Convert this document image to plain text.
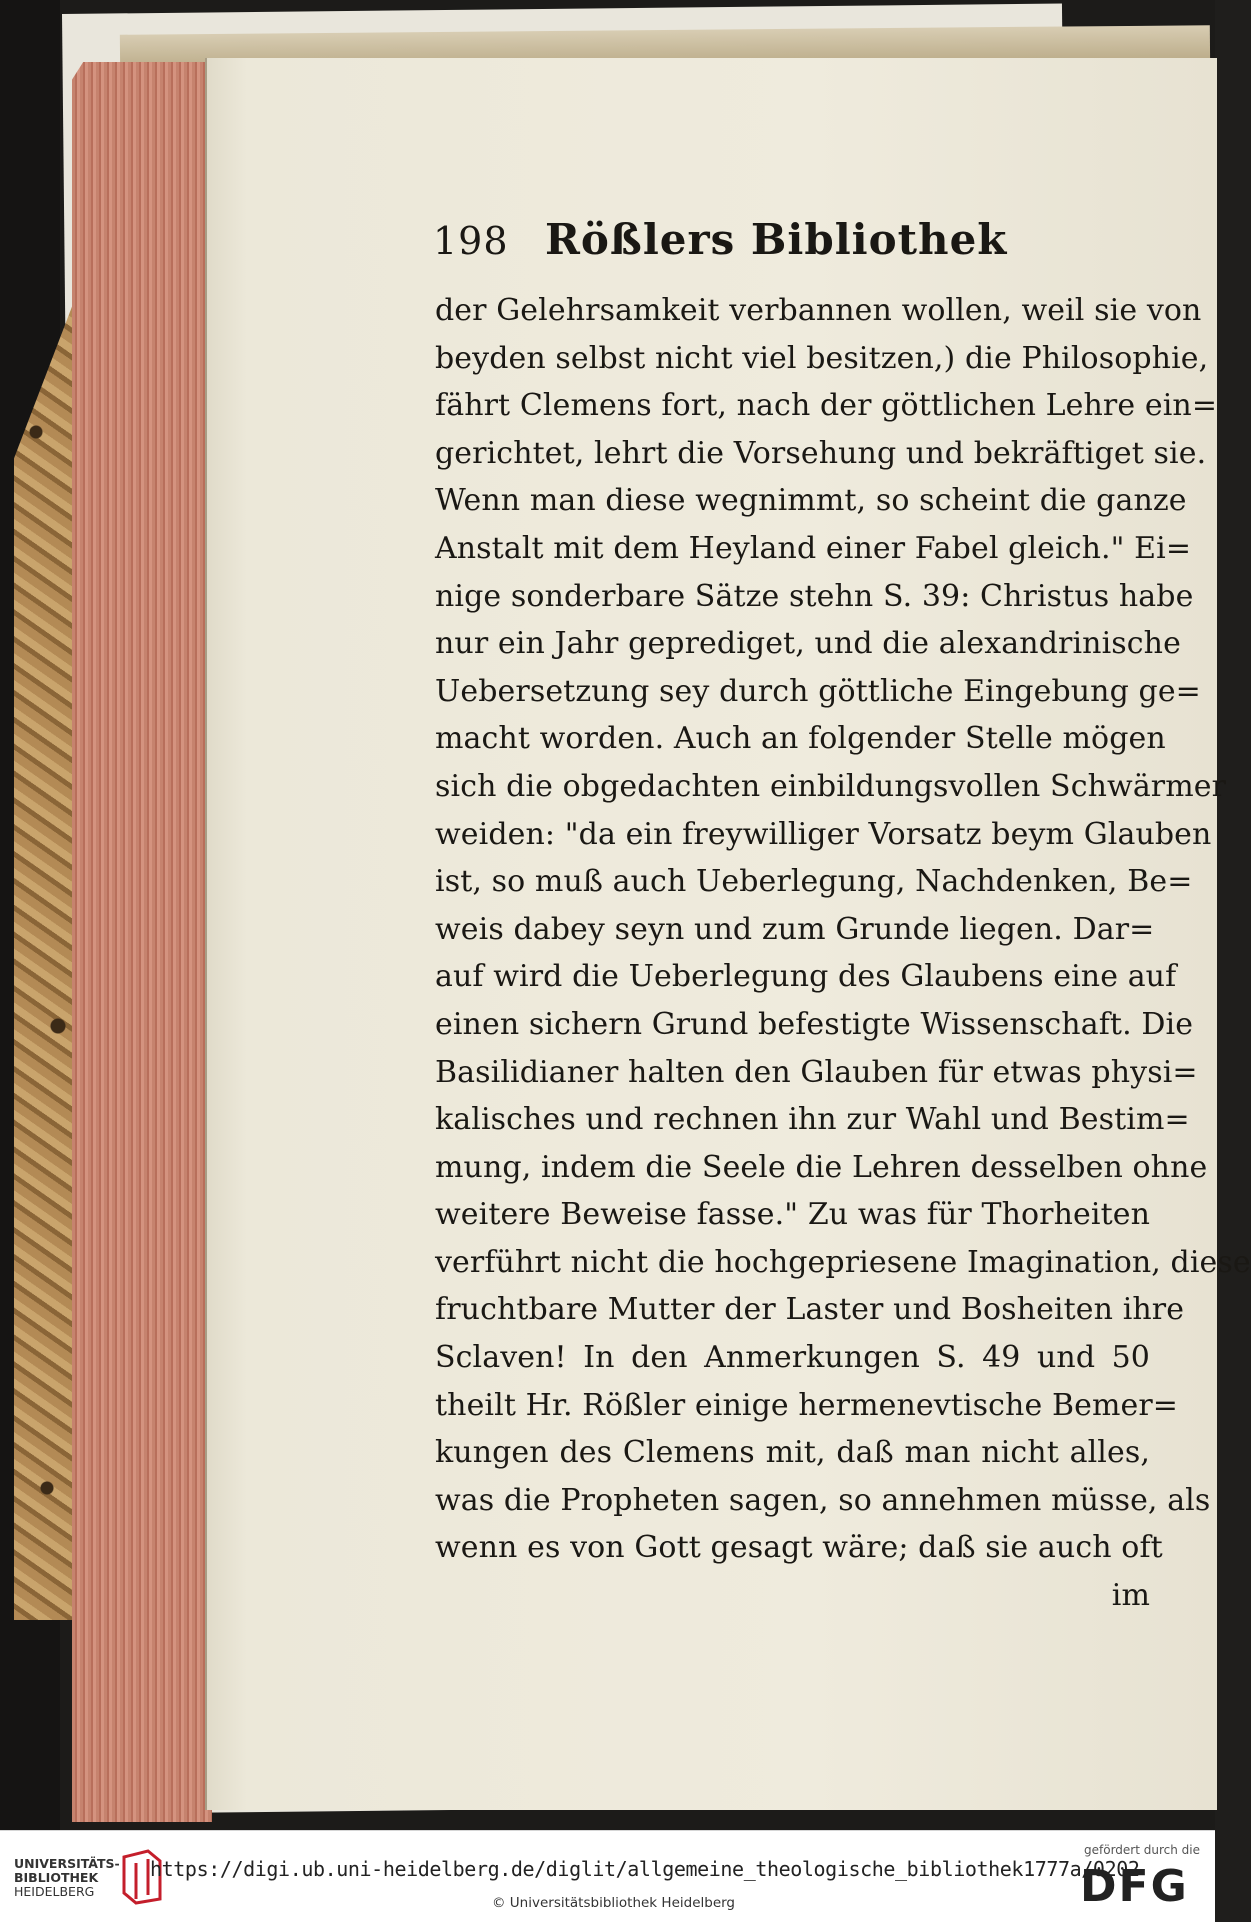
198 Rößlers Bibliothek
der Gelehrsamkeit verbannen wollen, weil sie von
beyden selbst nicht viel besitzen,) die Philosophie,
fährt Clemens fort, nach der göttlichen Lehre ein=
gerichtet, lehrt die Vorsehung und bekräftiget sie.
Wenn man diese wegnimmt, so scheint die ganze
Anstalt mit dem Heyland einer Fabel gleich." Ei=
nige sonderbare Sätze stehn S. 39: Christus habe
nur ein Jahr geprediget, und die alexandrinische
Uebersetzung sey durch göttliche Eingebung ge=
macht worden. Auch an folgender Stelle mögen
sich die obgedachten einbildungsvollen Schwärmer
weiden: "da ein freywilliger Vorsatz beym Glauben
ist, so muß auch Ueberlegung, Nachdenken, Be=
weis dabey seyn und zum Grunde liegen. Dar=
auf wird die Ueberlegung des Glaubens eine auf
einen sichern Grund befestigte Wissenschaft. Die
Basilidianer halten den Glauben für etwas physi=
kalisches und rechnen ihn zur Wahl und Bestim=
mung, indem die Seele die Lehren desselben ohne
weitere Beweise fasse." Zu was für Thorheiten
verführt nicht die hochgepriesene Imagination, diese
fruchtbare Mutter der Laster und Bosheiten ihre
Sclaven! In den Anmerkungen S. 49 und 50
theilt Hr. Rößler einige hermenevtische Bemer=
kungen des Clemens mit, daß man nicht alles,
was die Propheten sagen, so annehmen müsse, als
wenn es von Gott gesagt wäre; daß sie auch oft
im
UNIVERSITÄTS-
BIBLIOTHEK
HEIDELBERG
https://digi.ub.uni-heidelberg.de/diglit/allgemeine_theologische_bibliothek1777a/0202
© Universitätsbibliothek Heidelberg
gefördert durch die
DFG
